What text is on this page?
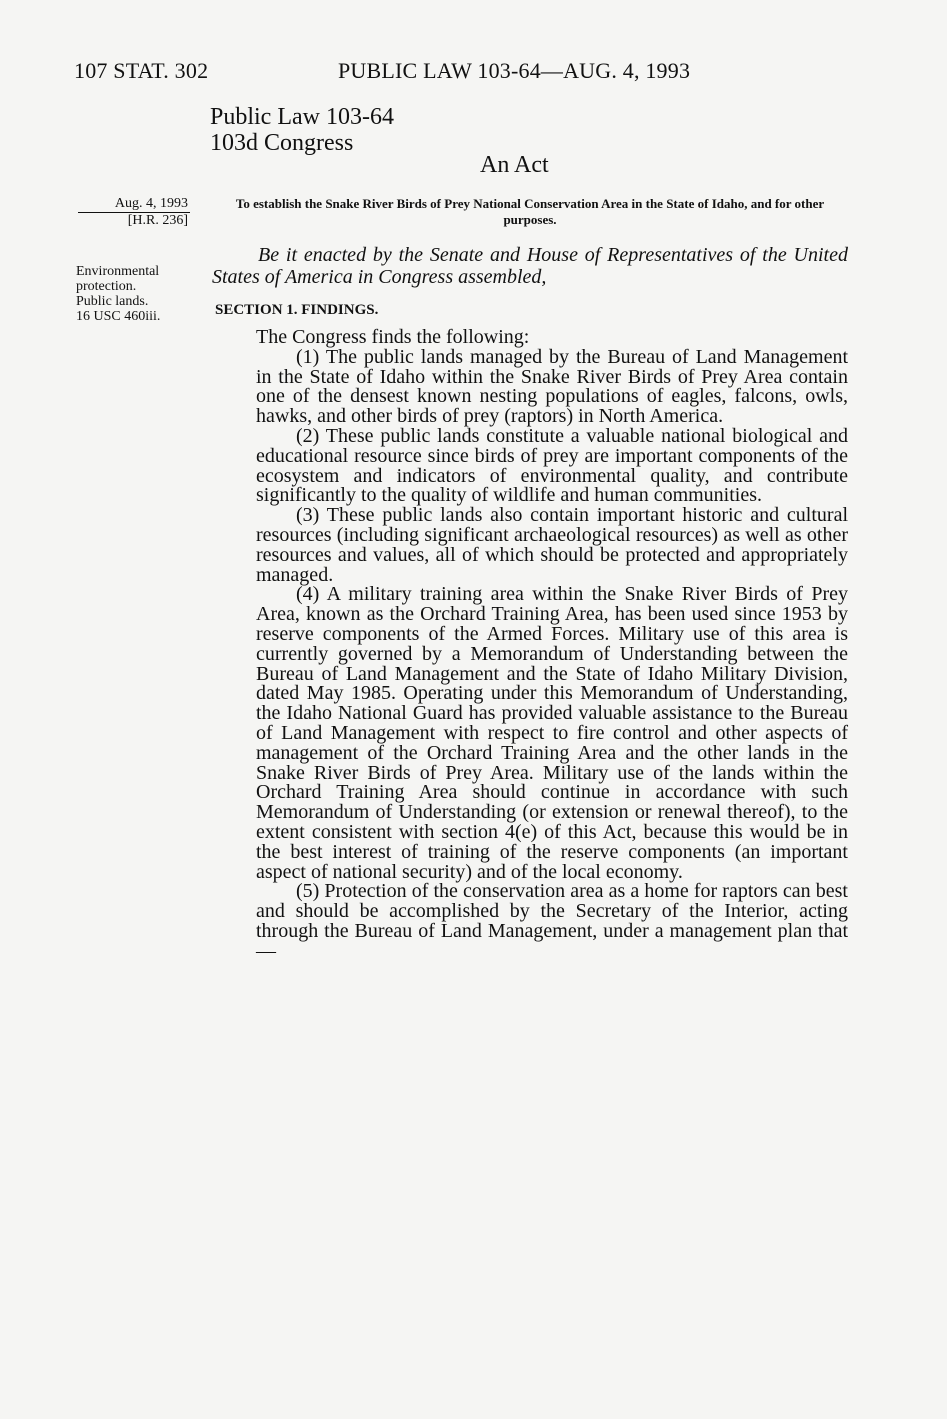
107 STAT. 302	PUBLIC LAW 103-64—AUG. 4, 1993
Public Law 103-64
103d Congress
An Act
Aug. 4, 1993
[H.R. 236]
To establish the Snake River Birds of Prey National Conservation Area in the State of Idaho, and for other purposes.
Be it enacted by the Senate and House of Representatives of the United States of America in Congress assembled,
Environmental
protection.
Public lands.
16 USC 460iii.	SECTION 1. FINDINGS.

The Congress finds the following:

(1) The public lands managed by the Bureau of Land Management in the State of Idaho within the Snake River Birds of Prey Area contain one of the densest known nesting populations of eagles, falcons, owls, hawks, and other birds of prey (raptors) in North America.

(2) These public lands constitute a valuable national biological and educational resource since birds of prey are important components of the ecosystem and indicators of environmental quality, and contribute significantly to the quality of wildlife and human communities.

(3) These public lands also contain important historic and cultural resources (including significant archaeological resources) as well as other resources and values, all of which should be protected and appropriately managed.

(4) A military training area within the Snake River Birds of Prey Area, known as the Orchard Training Area, has been used since 1953 by reserve components of the Armed Forces. Military use of this area is currently governed by a Memorandum of Understanding between the Bureau of Land Management and the State of Idaho Military Division, dated May 1985. Operating under this Memorandum of Understanding, the Idaho National Guard has provided valuable assistance to the Bureau of Land Management with respect to fire control and other aspects of management of the Orchard Training Area and the other lands in the Snake River Birds of Prey Area. Military use of the lands within the Orchard Training Area should continue in accordance with such Memorandum of Understanding (or extension or renewal thereof), to the extent consistent with section 4(e) of this Act, because this would be in the best interest of training of the reserve components (an important aspect of national security) and of the local economy.

(5) Protection of the conservation area as a home for raptors can best and should be accomplished by the Secretary of the Interior, acting through the Bureau of Land Management, under a management plan that—
